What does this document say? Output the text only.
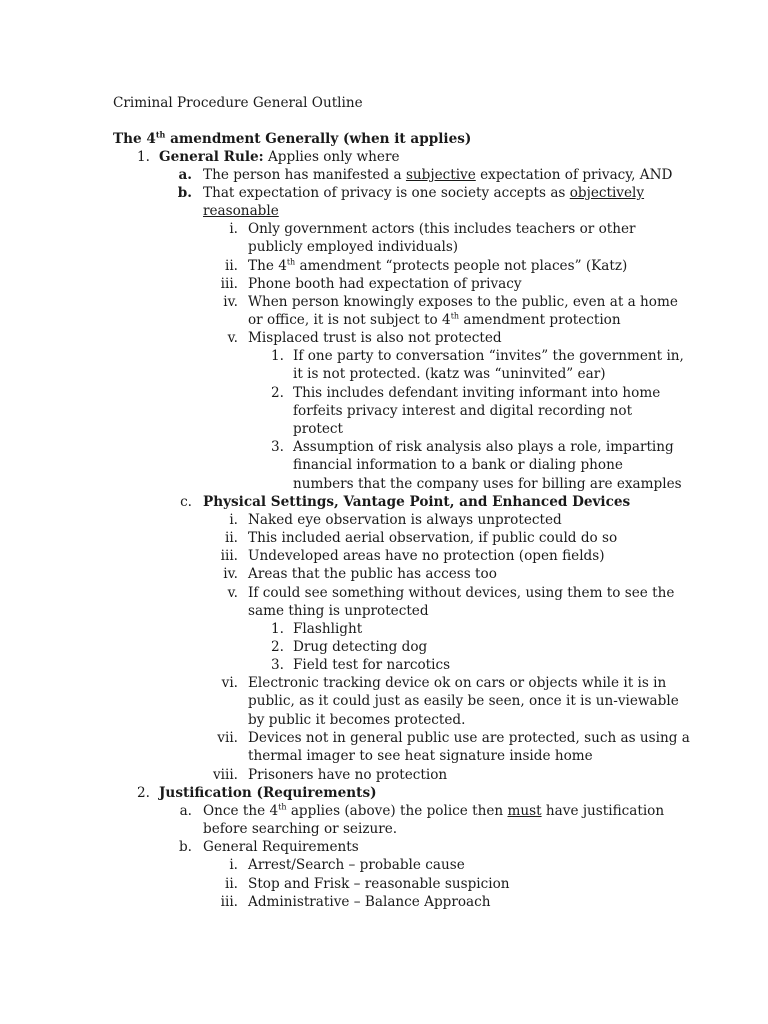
Criminal Procedure General Outline
The 4th amendment Generally (when it applies)
1. General Rule: Applies only where
a. The person has manifested a subjective expectation of privacy, AND
b. That expectation of privacy is one society accepts as objectively
reasonable
i. Only government actors (this includes teachers or other
publicly employed individuals)
ii. The 4th amendment “protects people not places” (Katz)
iii. Phone booth had expectation of privacy
iv. When person knowingly exposes to the public, even at a home
or office, it is not subject to 4th amendment protection
v. Misplaced trust is also not protected
1. If one party to conversation “invites” the government in,
it is not protected. (katz was “uninvited” ear)
2. This includes defendant inviting informant into home
forfeits privacy interest and digital recording not
protect
3. Assumption of risk analysis also plays a role, imparting
financial information to a bank or dialing phone
numbers that the company uses for billing are examples
c. Physical Settings, Vantage Point, and Enhanced Devices
i. Naked eye observation is always unprotected
ii. This included aerial observation, if public could do so
iii. Undeveloped areas have no protection (open fields)
iv. Areas that the public has access too
v. If could see something without devices, using them to see the
same thing is unprotected
1. Flashlight
2. Drug detecting dog
3. Field test for narcotics
vi. Electronic tracking device ok on cars or objects while it is in
public, as it could just as easily be seen, once it is un-viewable
by public it becomes protected.
vii. Devices not in general public use are protected, such as using a
thermal imager to see heat signature inside home
viii. Prisoners have no protection
2. Justification (Requirements)
a. Once the 4th applies (above) the police then must have justification
before searching or seizure.
b. General Requirements
i. Arrest/Search – probable cause
ii. Stop and Frisk – reasonable suspicion
iii. Administrative – Balance Approach
